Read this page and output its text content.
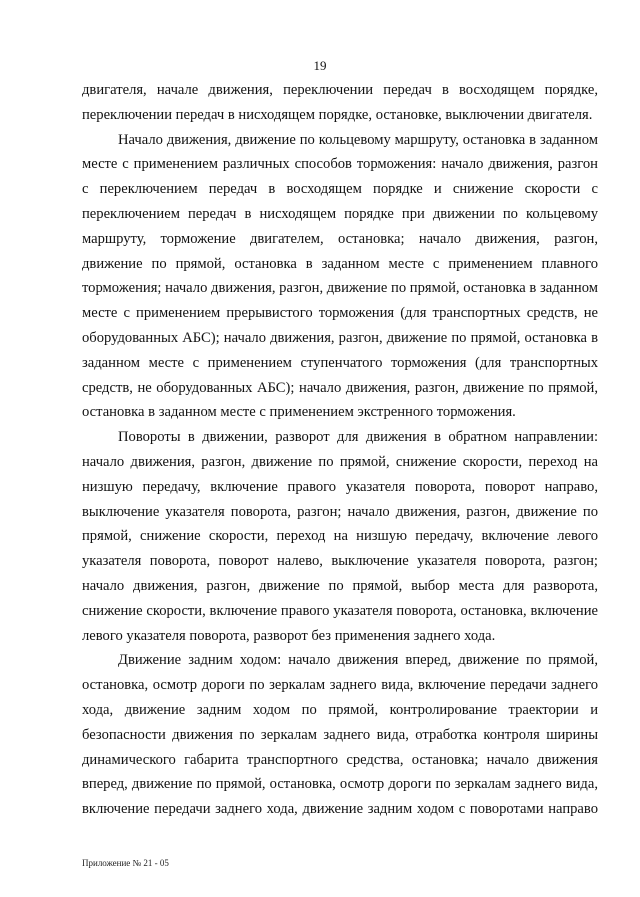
19

двигателя, начале движения, переключении передач в восходящем порядке, переключении передач в нисходящем порядке, остановке, выключении двигателя.

Начало движения, движение по кольцевому маршруту, остановка в заданном месте с применением различных способов торможения: начало движения, разгон с переключением передач в восходящем порядке и снижение скорости с переключением передач в нисходящем порядке при движении по кольцевому маршруту, торможение двигателем, остановка; начало движения, разгон, движение по прямой, остановка в заданном месте с применением плавного торможения; начало движения, разгон, движение по прямой, остановка в заданном месте с применением прерывистого торможения (для транспортных средств, не оборудованных АБС); начало движения, разгон, движение по прямой, остановка в заданном месте с применением ступенчатого торможения (для транспортных средств, не оборудованных АБС); начало движения, разгон, движение по прямой, остановка в заданном месте с применением экстренного торможения.

Повороты в движении, разворот для движения в обратном направлении: начало движения, разгон, движение по прямой, снижение скорости, переход на низшую передачу, включение правого указателя поворота, поворот направо, выключение указателя поворота, разгон; начало движения, разгон, движение по прямой, снижение скорости, переход на низшую передачу, включение левого указателя поворота, поворот налево, выключение указателя поворота, разгон; начало движения, разгон, движение по прямой, выбор места для разворота, снижение скорости, включение правого указателя поворота, остановка, включение левого указателя поворота, разворот без применения заднего хода.

Движение задним ходом: начало движения вперед, движение по прямой, остановка, осмотр дороги по зеркалам заднего вида, включение передачи заднего хода, движение задним ходом по прямой, контролирование траектории и безопасности движения по зеркалам заднего вида, отработка контроля ширины динамического габарита транспортного средства, остановка; начало движения вперед, движение по прямой, остановка, осмотр дороги по зеркалам заднего вида, включение передачи заднего хода, движение задним ходом с поворотами направо

Приложение № 21 - 05
